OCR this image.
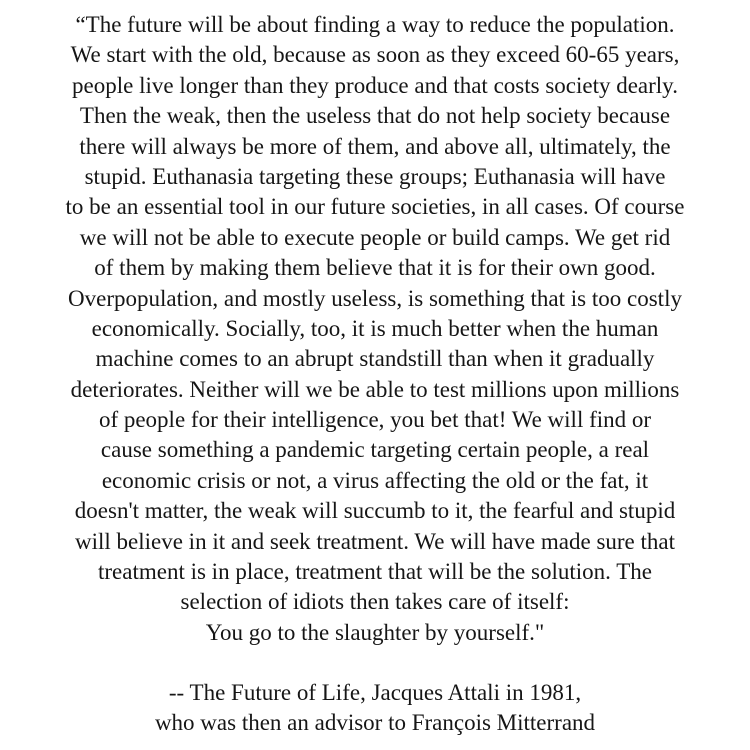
“The future will be about finding a way to reduce the population.
We start with the old, because as soon as they exceed 60-65 years,
people live longer than they produce and that costs society dearly.
Then the weak, then the useless that do not help society because
there will always be more of them, and above all, ultimately, the
stupid. Euthanasia targeting these groups; Euthanasia will have
to be an essential tool in our future societies, in all cases. Of course
we will not be able to execute people or build camps. We get rid
of them by making them believe that it is for their own good.
Overpopulation, and mostly useless, is something that is too costly
economically. Socially, too, it is much better when the human
machine comes to an abrupt standstill than when it gradually
deteriorates. Neither will we be able to test millions upon millions
of people for their intelligence, you bet that! We will find or
cause something a pandemic targeting certain people, a real
economic crisis or not, a virus affecting the old or the fat, it
doesn't matter, the weak will succumb to it, the fearful and stupid
will believe in it and seek treatment. We will have made sure that
treatment is in place, treatment that will be the solution. The
selection of idiots then takes care of itself:
You go to the slaughter by yourself."
-- The Future of Life, Jacques Attali in 1981,
who was then an advisor to François Mitterrand
